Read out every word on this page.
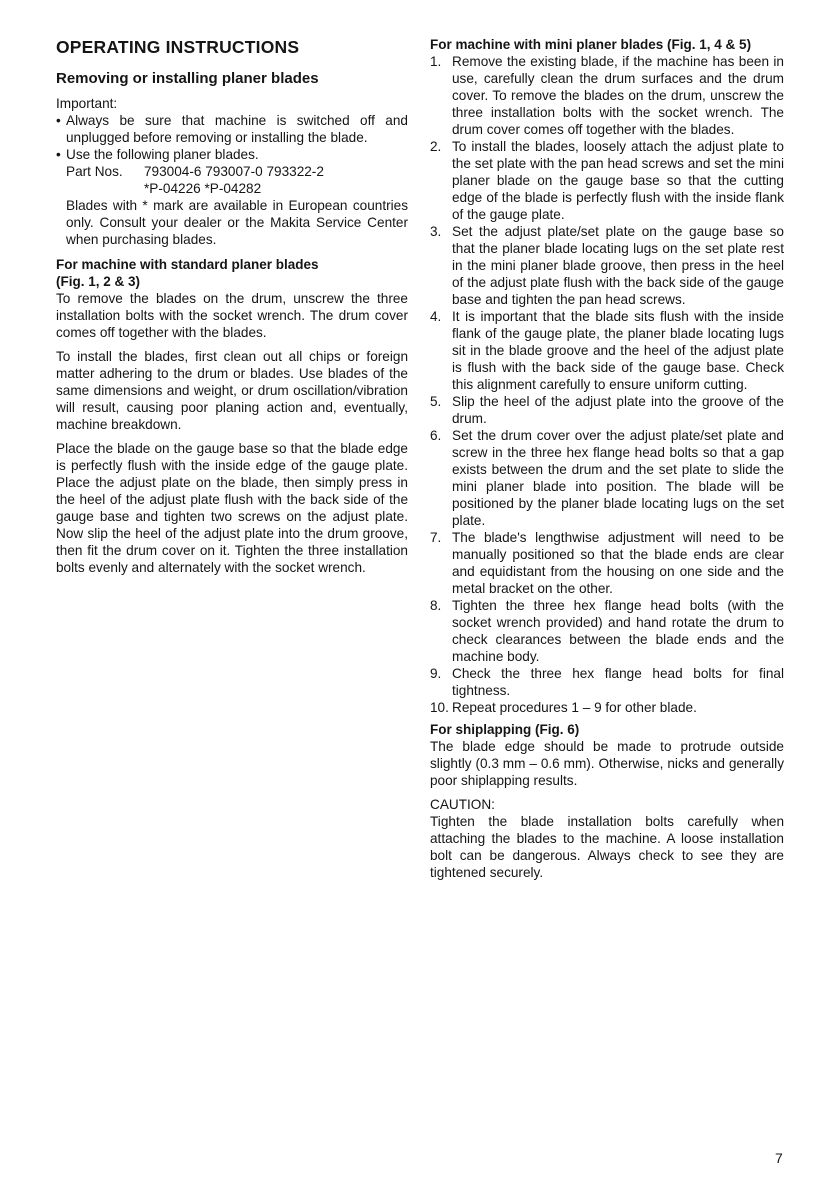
OPERATING INSTRUCTIONS
Removing or installing planer blades

Important:

• Always be sure that machine is switched off and unplugged before removing or installing the blade.
• Use the following planer blades.
Part Nos.	793004-6 793007-0 793322-2
*P-04226 *P-04282

Blades with * mark are available in European countries only. Consult your dealer or the Makita Service Center when purchasing blades.

For machine with standard planer blades
(Fig. 1, 2 & 3)

To remove the blades on the drum, unscrew the three installation bolts with the socket wrench. The drum cover comes off together with the blades.

To install the blades, first clean out all chips or foreign matter adhering to the drum or blades. Use blades of the same dimensions and weight, or drum oscillation/vibration will result, causing poor planing action and, eventually, machine breakdown.

Place the blade on the gauge base so that the blade edge is perfectly flush with the inside edge of the gauge plate. Place the adjust plate on the blade, then simply press in the heel of the adjust plate flush with the back side of the gauge base and tighten two screws on the adjust plate. Now slip the heel of the adjust plate into the drum groove, then fit the drum cover on it. Tighten the three installation bolts evenly and alternately with the socket wrench.

For machine with mini planer blades (Fig. 1, 4 & 5)
1. Remove the existing blade, if the machine has been in use, carefully clean the drum surfaces and the drum cover. To remove the blades on the drum, unscrew the three installation bolts with the socket wrench. The drum cover comes off together with the blades.
2. To install the blades, loosely attach the adjust plate to the set plate with the pan head screws and set the mini planer blade on the gauge base so that the cutting edge of the blade is perfectly flush with the inside flank of the gauge plate.
3. Set the adjust plate/set plate on the gauge base so that the planer blade locating lugs on the set plate rest in the mini planer blade groove, then press in the heel of the adjust plate flush with the back side of the gauge base and tighten the pan head screws.
4. It is important that the blade sits flush with the inside flank of the gauge plate, the planer blade locating lugs sit in the blade groove and the heel of the adjust plate is flush with the back side of the gauge base. Check this alignment carefully to ensure uniform cutting.
5. Slip the heel of the adjust plate into the groove of the drum.
6. Set the drum cover over the adjust plate/set plate and screw in the three hex flange head bolts so that a gap exists between the drum and the set plate to slide the mini planer blade into position. The blade will be positioned by the planer blade locating lugs on the set plate.
7. The blade's lengthwise adjustment will need to be manually positioned so that the blade ends are clear and equidistant from the housing on one side and the metal bracket on the other.
8. Tighten the three hex flange head bolts (with the socket wrench provided) and hand rotate the drum to check clearances between the blade ends and the machine body.
9. Check the three hex flange head bolts for final tightness.
10. Repeat procedures 1 – 9 for other blade.
For shiplapping (Fig. 6)

The blade edge should be made to protrude outside slightly (0.3 mm – 0.6 mm). Otherwise, nicks and generally poor shiplapping results.

CAUTION:

Tighten the blade installation bolts carefully when attaching the blades to the machine. A loose installation bolt can be dangerous. Always check to see they are tightened securely.

7
